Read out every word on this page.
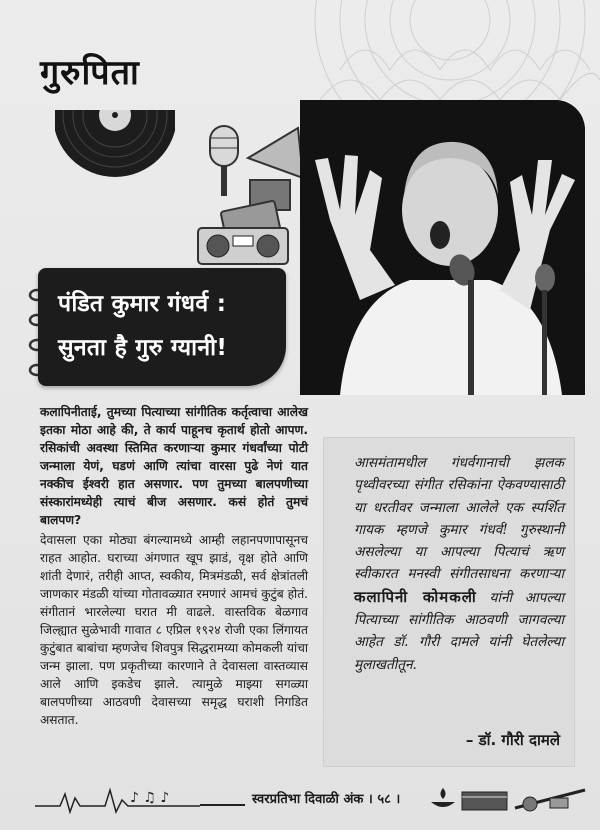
गुरुपिता
पंडित कुमार गंधर्व :
सुनता है गुरु ग्यानी!

कलापिनीताई, तुमच्या पित्याच्या सांगीतिक कर्तृत्वाचा आलेख इतका मोठा आहे की, ते कार्य पाहूनच कृतार्थ होतो आपण. रसिकांची अवस्था स्तिमित करणाऱ्या कुमार गंधर्वांच्या पोटी जन्माला येणं, घडणं आणि त्यांचा वारसा पुढे नेणं यात नक्कीच ईश्वरी हात असणार. पण तुमच्या बालपणीच्या संस्कारांमध्येही त्याचं बीज असणार. कसं होतं तुमचं बालपण?

देवासला एका मोठ्या बंगल्यामध्ये आम्ही लहानपणापासूनच राहत आहोत. घराच्या अंगणात खूप झाडं, वृक्ष होते आणि शांती देणारं, तरीही आप्त, स्वकीय, मित्रमंडळी, सर्व क्षेत्रांतली जाणकार मंडळी यांच्या गोतावळ्यात रमणारं आमचं कुटुंब होतं. संगीतानं भारलेल्या घरात मी वाढले. वास्तविक बेळगाव जिल्ह्यात सुळेभावी गावात ८ एप्रिल १९२४ रोजी एका लिंगायत कुटुंबात बाबांचा म्हणजेच शिवपुत्र सिद्धरामय्या कोमकली यांचा जन्म झाला. पण प्रकृतीच्या कारणाने ते देवासला वास्तव्यास आले आणि इकडेच झाले. त्यामुळे माझ्या सगळ्या बालपणीच्या आठवणी देवासच्या समृद्ध घराशी निगडित असतात.

आसमंतामधील गंधर्वगानाची झलक पृथ्वीवरच्या संगीत रसिकांना ऐकवण्यासाठी या धरतीवर जन्माला आलेले एक स्पर्शित गायक म्हणजे कुमार गंधर्व! गुरुस्थानी असलेल्या या आपल्या पित्याचं ऋण स्वीकारत मनस्वी संगीतसाधना करणाऱ्या कलापिनी कोमकली यांनी आपल्या पित्याच्या सांगीतिक आठवणी जागवल्या आहेत डॉ. गौरी दामले यांनी घेतलेल्या मुलाखतीतून.
– डॉ. गौरी दामले
♪ ♫ ♪	स्वरप्रतिभा दिवाळी अंक । ५८ ।
